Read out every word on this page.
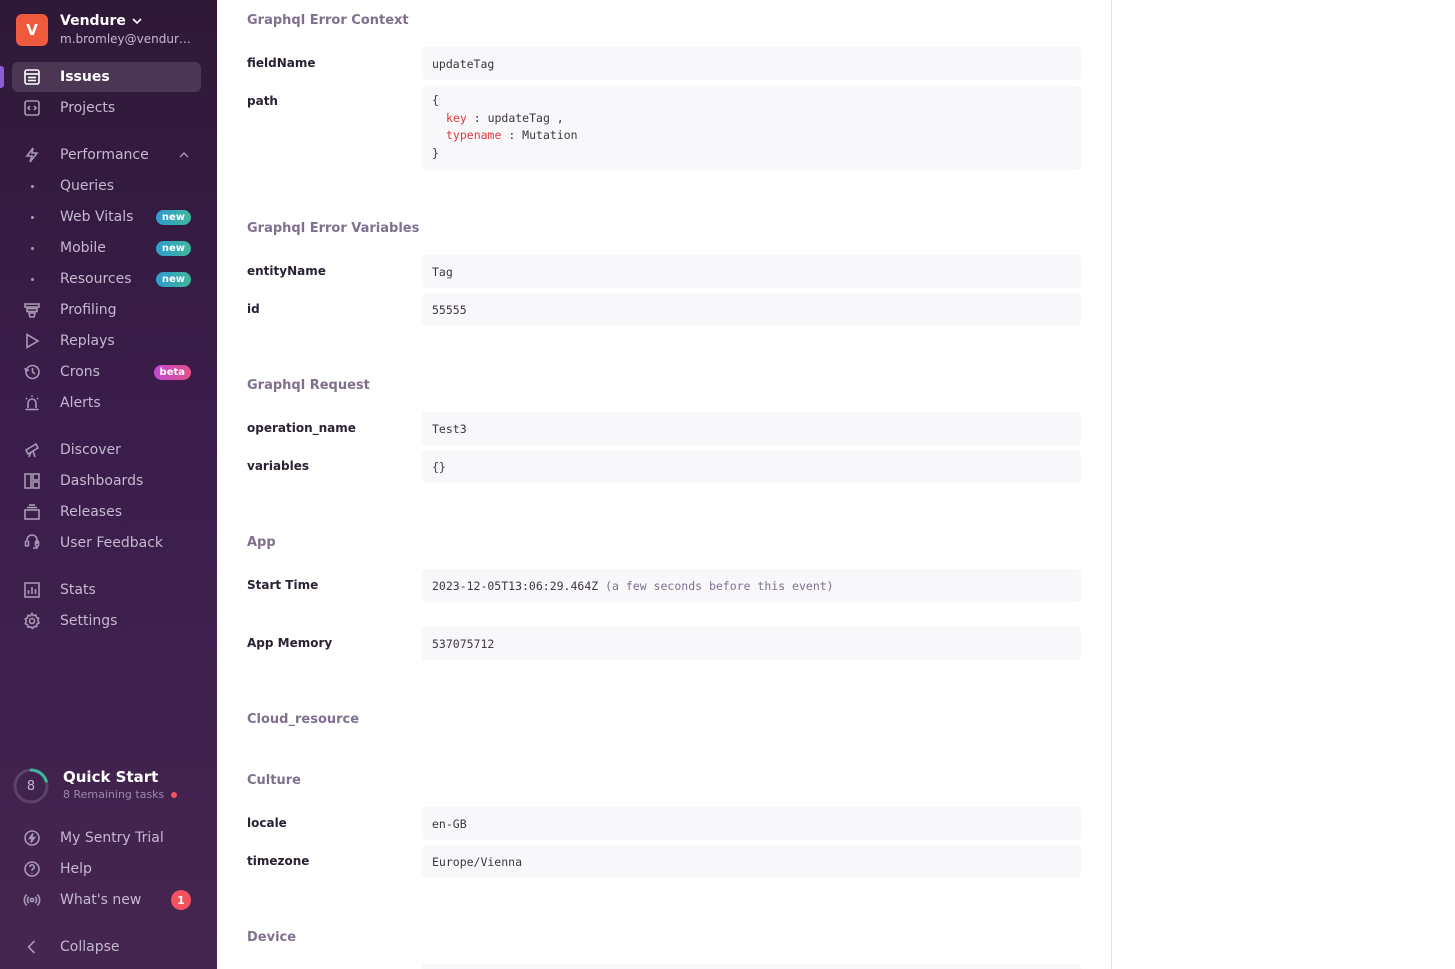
V	Vendure
m.bromley@vendur…
Issues
Projects
Performance
Queries
Web Vitals	new
Mobile	new
Resources	new
Profiling
Replays
Crons	beta
Alerts
Discover
Dashboards
Releases
User Feedback
Stats
Settings
8	Quick Start
8 Remaining tasks
My Sentry Trial
Help
What's new	1
Collapse
Graphql Error Context
fieldName	updateTag
path	{
key : updateTag ,
typename : Mutation
}
Graphql Error Variables
entityName	Tag
id	55555
Graphql Request
operation_name	Test3
variables	{}
App
Start Time	2023-12-05T13:06:29.464Z (a few seconds before this event)
App Memory	537075712
Cloud_resource
Culture
locale	en-GB
timezone	Europe/Vienna
Device
